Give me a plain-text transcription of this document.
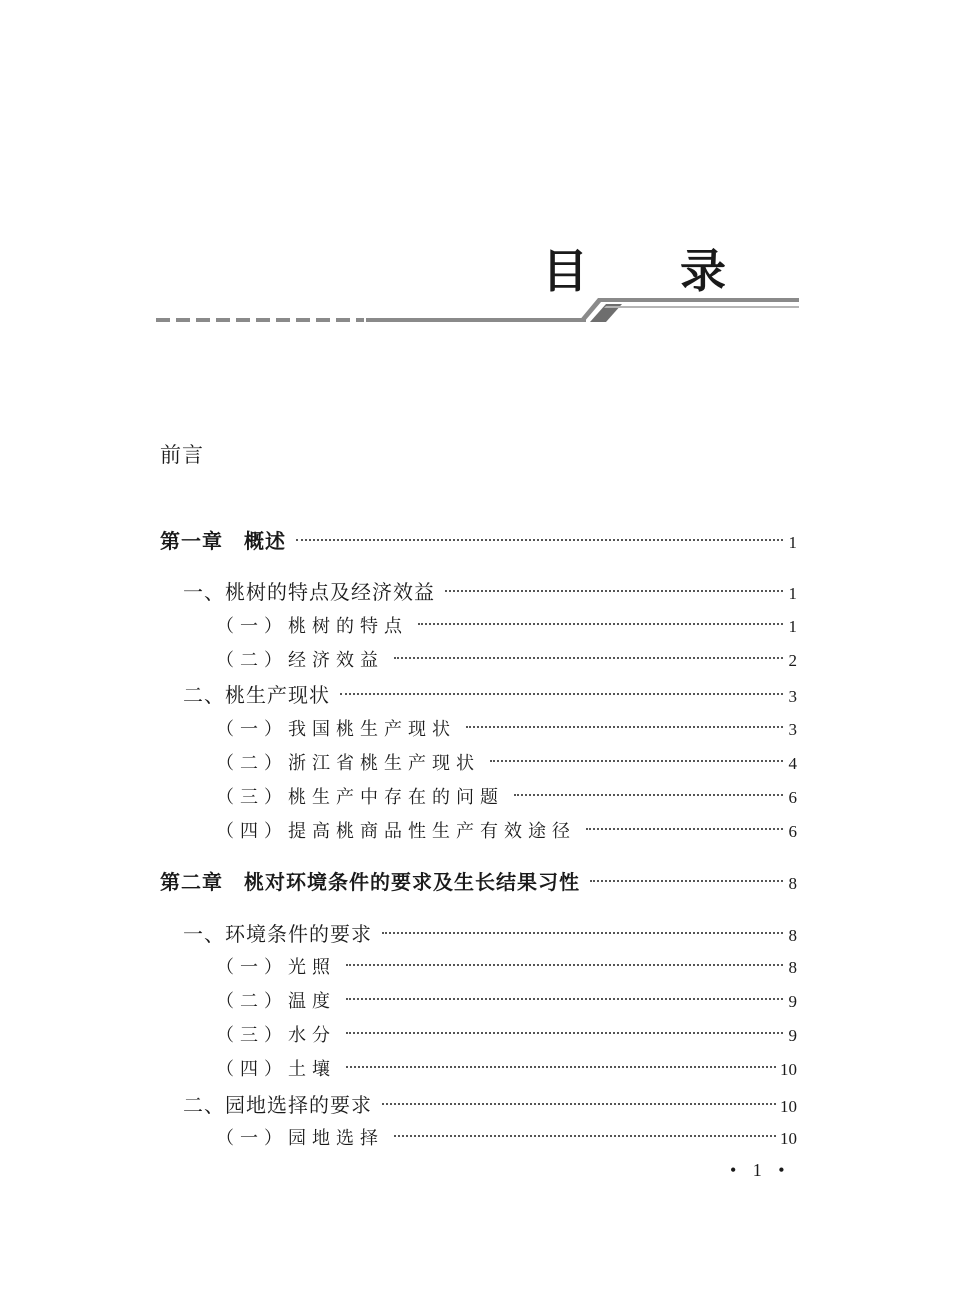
目 录
前言
第一章　概述	1
一、桃树的特点及经济效益	1
（一）桃树的特点	1
（二）经济效益	2
二、桃生产现状	3
（一）我国桃生产现状	3
（二）浙江省桃生产现状	4
（三）桃生产中存在的问题	6
（四）提高桃商品性生产有效途径	6
第二章　桃对环境条件的要求及生长结果习性	8
一、环境条件的要求	8
（一）光照	8
（二）温度	9
（三）水分	9
（四）土壤	10
二、园地选择的要求	10
（一）园地选择	10
• 1 •
